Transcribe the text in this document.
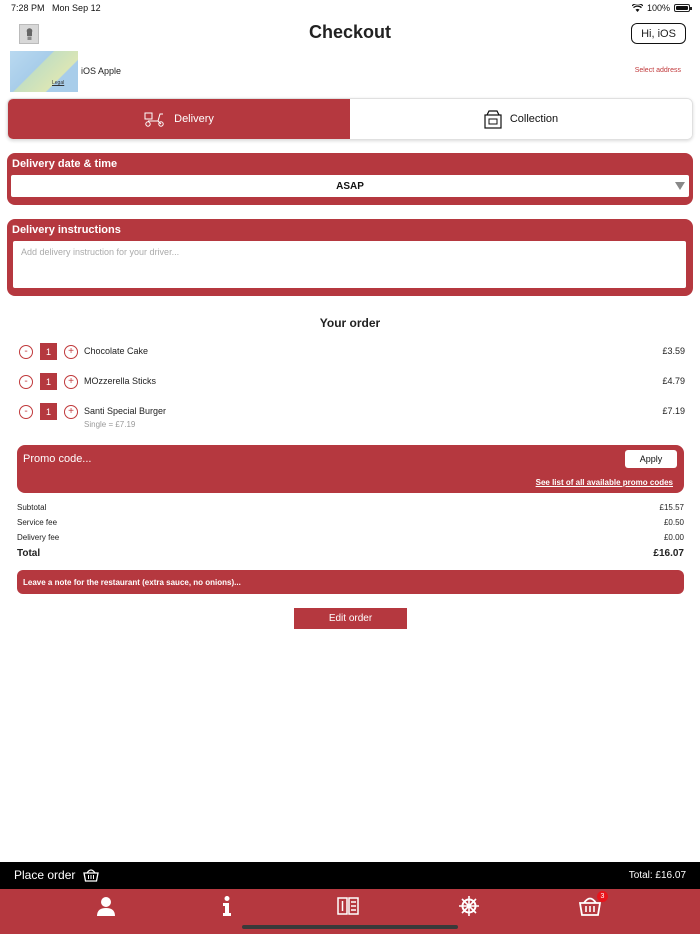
7:28 PM Mon Sep 12	100%
Checkout	Hi, iOS
Legal
iOS Apple	Select address
Delivery	Collection
Delivery date & time
ASAP
Delivery instructions
Add delivery instruction for your driver...
Your order
-	1	+	Chocolate Cake	£3.59
-	1	+	MOzzerella Sticks	£4.79
-	1	+	Santi Special Burger	£7.19
Single = £7.19
Promo code...
Apply
See list of all available promo codes
Subtotal	£15.57
Service fee	£0.50
Delivery fee	£0.00
Total	£16.07
Leave a note for the restaurant (extra sauce, no onions)...
Edit order
Place order	Total: £16.07
3
